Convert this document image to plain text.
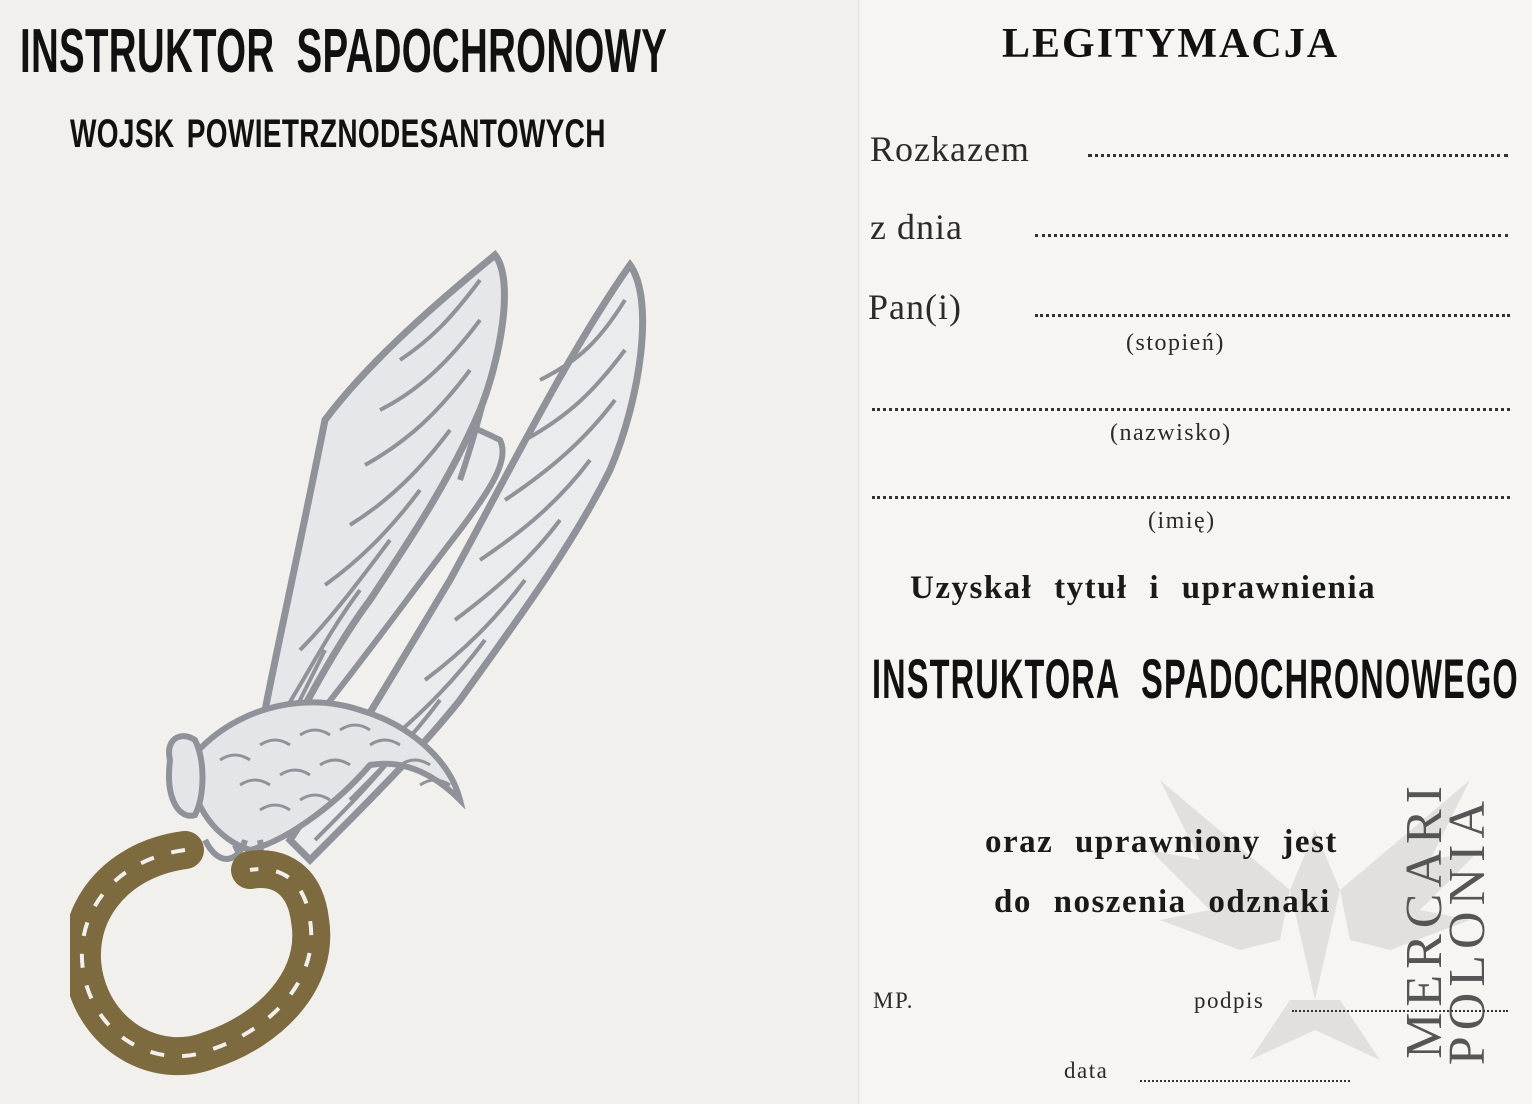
INSTRUKTOR SPADOCHRONOWY
WOJSK POWIETRZNODESANTOWYCH
LEGITYMACJA
Rozkazem
z dnia
Pan(i)
(stopień)
(nazwisko)
(imię)
Uzyskał tytuł i uprawnienia
INSTRUKTORA SPADOCHRONOWEGO
MERCARI
POLONIA
oraz uprawniony jest
do noszenia odznaki
MP.	podpis
data
